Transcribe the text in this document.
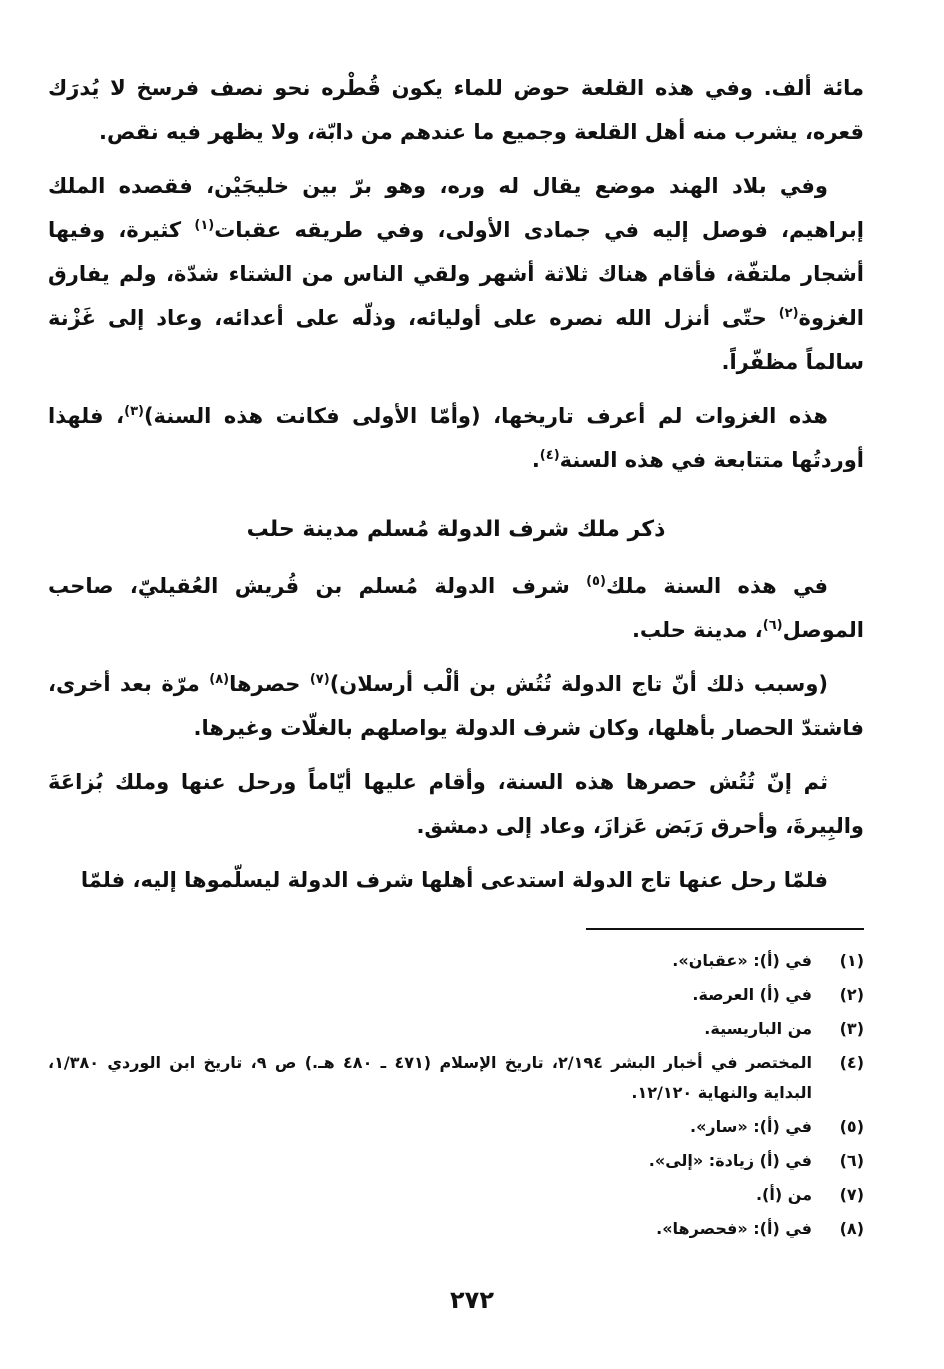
مائة ألف. وفي هذه القلعة حوض للماء يكون قُطْره نحو نصف فرسخ لا يُدرَك قعره، يشرب منه أهل القلعة وجميع ما عندهم من دابّة، ولا يظهر فيه نقص.

وفي بلاد الهند موضع يقال له وره، وهو برّ بين خليجَيْن، فقصده الملك إبراهيم، فوصل إليه في جمادى الأولى، وفي طريقه عقبات$^{(١)}$ كثيرة، وفيها أشجار ملتفّة، فأقام هناك ثلاثة أشهر ولقي الناس من الشتاء شدّة، ولم يفارق الغزوة$^{(٢)}$ حتّى أنزل الله نصره على أوليائه، وذلّه على أعدائه، وعاد إلى غَزْنة سالماً مظفّراً.

هذه الغزوات لم أعرف تاريخها، (وأمّا الأولى فكانت هذه السنة)$^{(٣)}$، فلهذا أوردتُها متتابعة في هذه السنة$^{(٤)}$.

ذكر ملك شرف الدولة مُسلم مدينة حلب

في هذه السنة ملك$^{(٥)}$ شرف الدولة مُسلم بن قُريش العُقيليّ، صاحب الموصل$^{(٦)}$، مدينة حلب.

(وسبب ذلك أنّ تاج الدولة تُتُش بن ألْب أرسلان)$^{(٧)}$ حصرها$^{(٨)}$ مرّة بعد أخرى، فاشتدّ الحصار بأهلها، وكان شرف الدولة يواصلهم بالغلّات وغيرها.

ثم إنّ تُتُش حصرها هذه السنة، وأقام عليها أيّاماً ورحل عنها وملك بُزاعَةَ والبِيرةَ، وأحرق رَبَض عَزازَ، وعاد إلى دمشق.

فلمّا رحل عنها تاج الدولة استدعى أهلها شرف الدولة ليسلّموها إليه، فلمّا

(١)
في (أ): «عقبان».
(٢)
في (أ) العرصة.
(٣)
من الباريسية.
(٤)
المختصر في أخبار البشر ٢/١٩٤، تاريخ الإسلام (٤٧١ ـ ٤٨٠ هـ.) ص ٩، تاريخ ابن الوردي ١/٣٨٠، البداية والنهاية ١٢/١٢٠.
(٥)
في (أ): «سار».
(٦)
في (أ) زيادة: «إلى».
(٧)
من (أ).
(٨)
في (أ): «فحصرها».
٢٧٢
